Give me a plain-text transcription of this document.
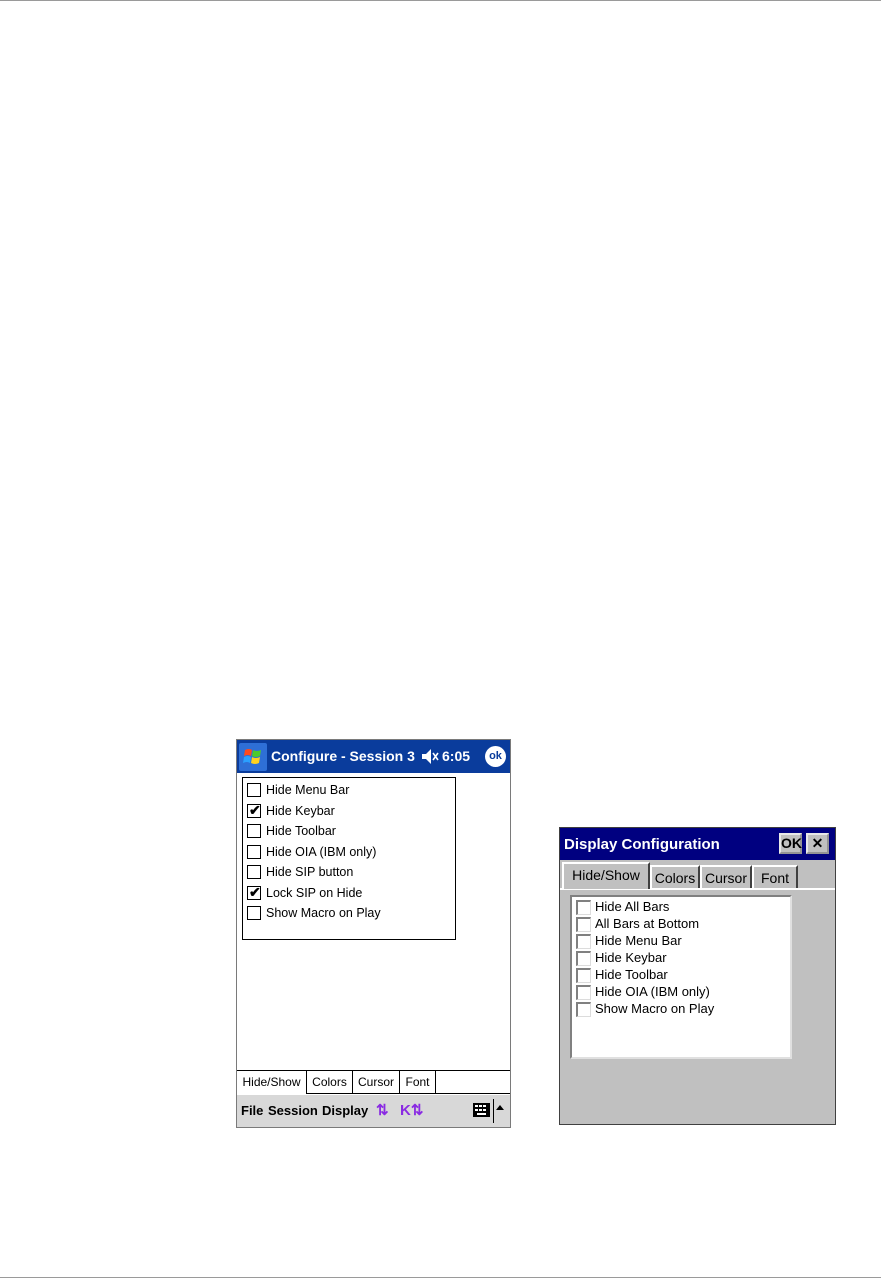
Configure - Session 3 6:05	ok
Hide Menu Bar
✔ Hide Keybar
Hide Toolbar
Hide OIA (IBM only)
Hide SIP button
✔ Lock SIP on Hide
Show Macro on Play
Hide/Show Colors Cursor Font
File Session Display ⇅ K⇅
Display Configuration	OK ✕
Hide/Show	Colors Cursor Font
Hide All Bars
All Bars at Bottom
Hide Menu Bar
Hide Keybar
Hide Toolbar
Hide OIA (IBM only)
Show Macro on Play
